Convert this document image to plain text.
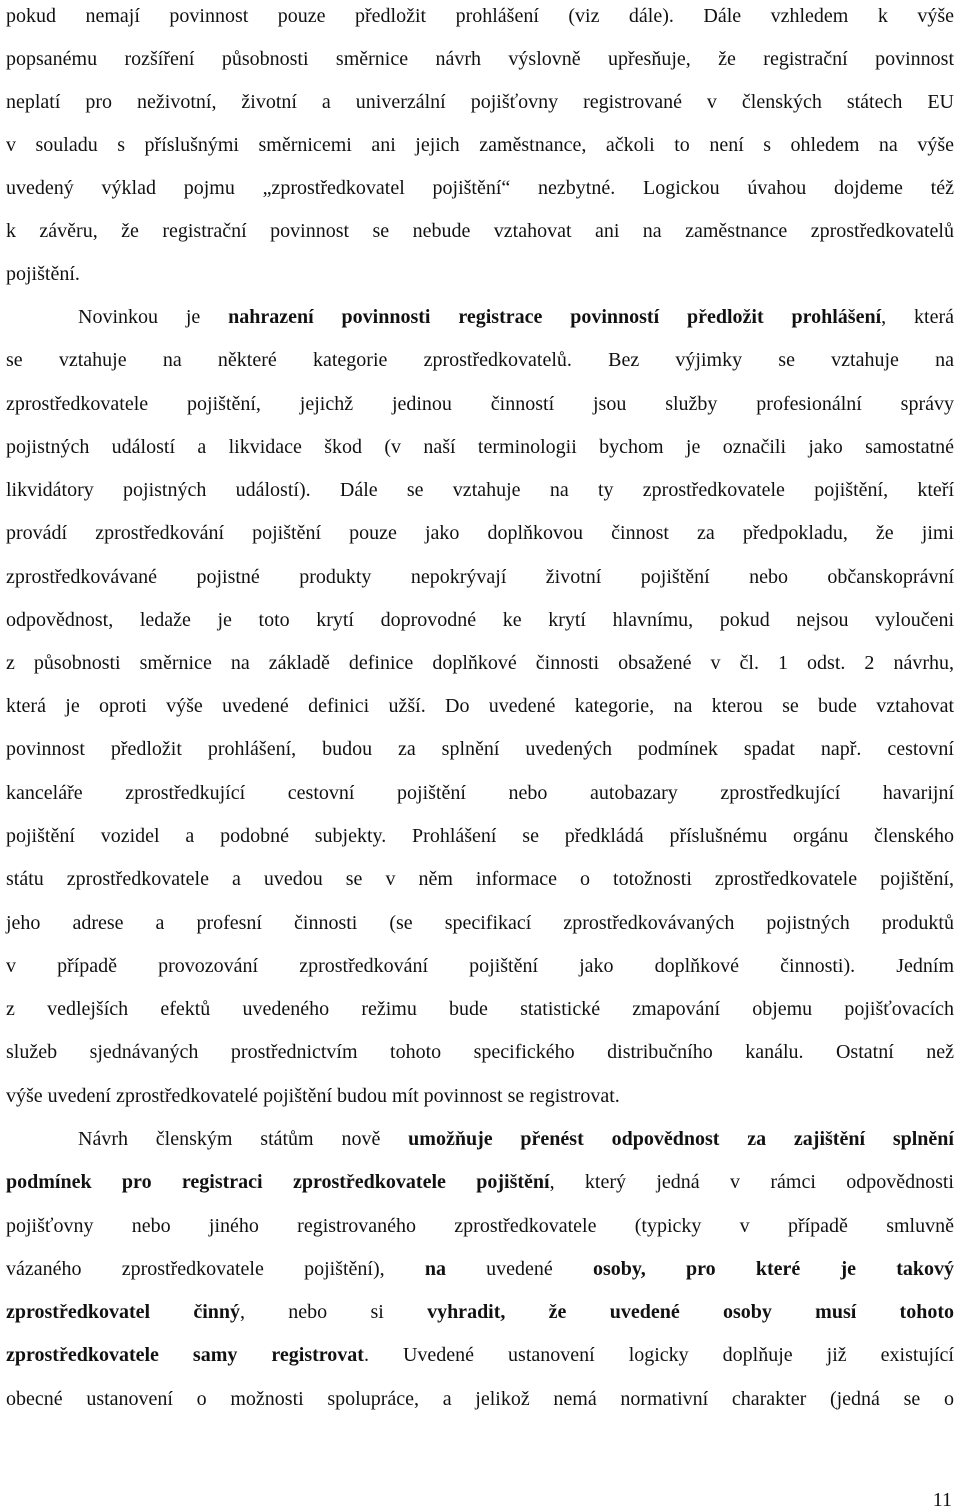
pokud nemají povinnost pouze předložit prohlášení (viz dále). Dále vzhledem k výše
popsanému rozšíření působnosti směrnice návrh výslovně upřesňuje, že registrační povinnost
neplatí pro neživotní, životní a univerzální pojišťovny registrované v členských státech EU
v souladu s příslušnými směrnicemi ani jejich zaměstnance, ačkoli to není s ohledem na výše
uvedený výklad pojmu „zprostředkovatel pojištění“ nezbytné. Logickou úvahou dojdeme též
k závěru, že registrační povinnost se nebude vztahovat ani na zaměstnance zprostředkovatelů
pojištění.
Novinkou je nahrazení povinnosti registrace povinností předložit prohlášení, která
se vztahuje na některé kategorie zprostředkovatelů. Bez výjimky se vztahuje na
zprostředkovatele pojištění, jejichž jedinou činností jsou služby profesionální správy
pojistných událostí a likvidace škod (v naší terminologii bychom je označili jako samostatné
likvidátory pojistných událostí). Dále se vztahuje na ty zprostředkovatele pojištění, kteří
provádí zprostředkování pojištění pouze jako doplňkovou činnost za předpokladu, že jimi
zprostředkovávané pojistné produkty nepokrývají životní pojištění nebo občanskoprávní
odpovědnost, ledaže je toto krytí doprovodné ke krytí hlavnímu, pokud nejsou vyloučeni
z působnosti směrnice na základě definice doplňkové činnosti obsažené v čl. 1 odst. 2 návrhu,
která je oproti výše uvedené definici užší. Do uvedené kategorie, na kterou se bude vztahovat
povinnost předložit prohlášení, budou za splnění uvedených podmínek spadat např. cestovní
kanceláře zprostředkující cestovní pojištění nebo autobazary zprostředkující havarijní
pojištění vozidel a podobné subjekty. Prohlášení se předkládá příslušnému orgánu členského
státu zprostředkovatele a uvedou se v něm informace o totožnosti zprostředkovatele pojištění,
jeho adrese a profesní činnosti (se specifikací zprostředkovávaných pojistných produktů
v případě provozování zprostředkování pojištění jako doplňkové činnosti). Jedním
z vedlejších efektů uvedeného režimu bude statistické zmapování objemu pojišťovacích
služeb sjednávaných prostřednictvím tohoto specifického distribučního kanálu. Ostatní než
výše uvedení zprostředkovatelé pojištění budou mít povinnost se registrovat.
Návrh členským státům nově umožňuje přenést odpovědnost za zajištění splnění
podmínek pro registraci zprostředkovatele pojištění, který jedná v rámci odpovědnosti
pojišťovny nebo jiného registrovaného zprostředkovatele (typicky v případě smluvně
vázaného zprostředkovatele pojištění), na uvedené osoby, pro které je takový
zprostředkovatel činný, nebo si vyhradit, že uvedené osoby musí tohoto
zprostředkovatele samy registrovat. Uvedené ustanovení logicky doplňuje již existující
obecné ustanovení o možnosti spolupráce, a jelikož nemá normativní charakter (jedná se o
11
